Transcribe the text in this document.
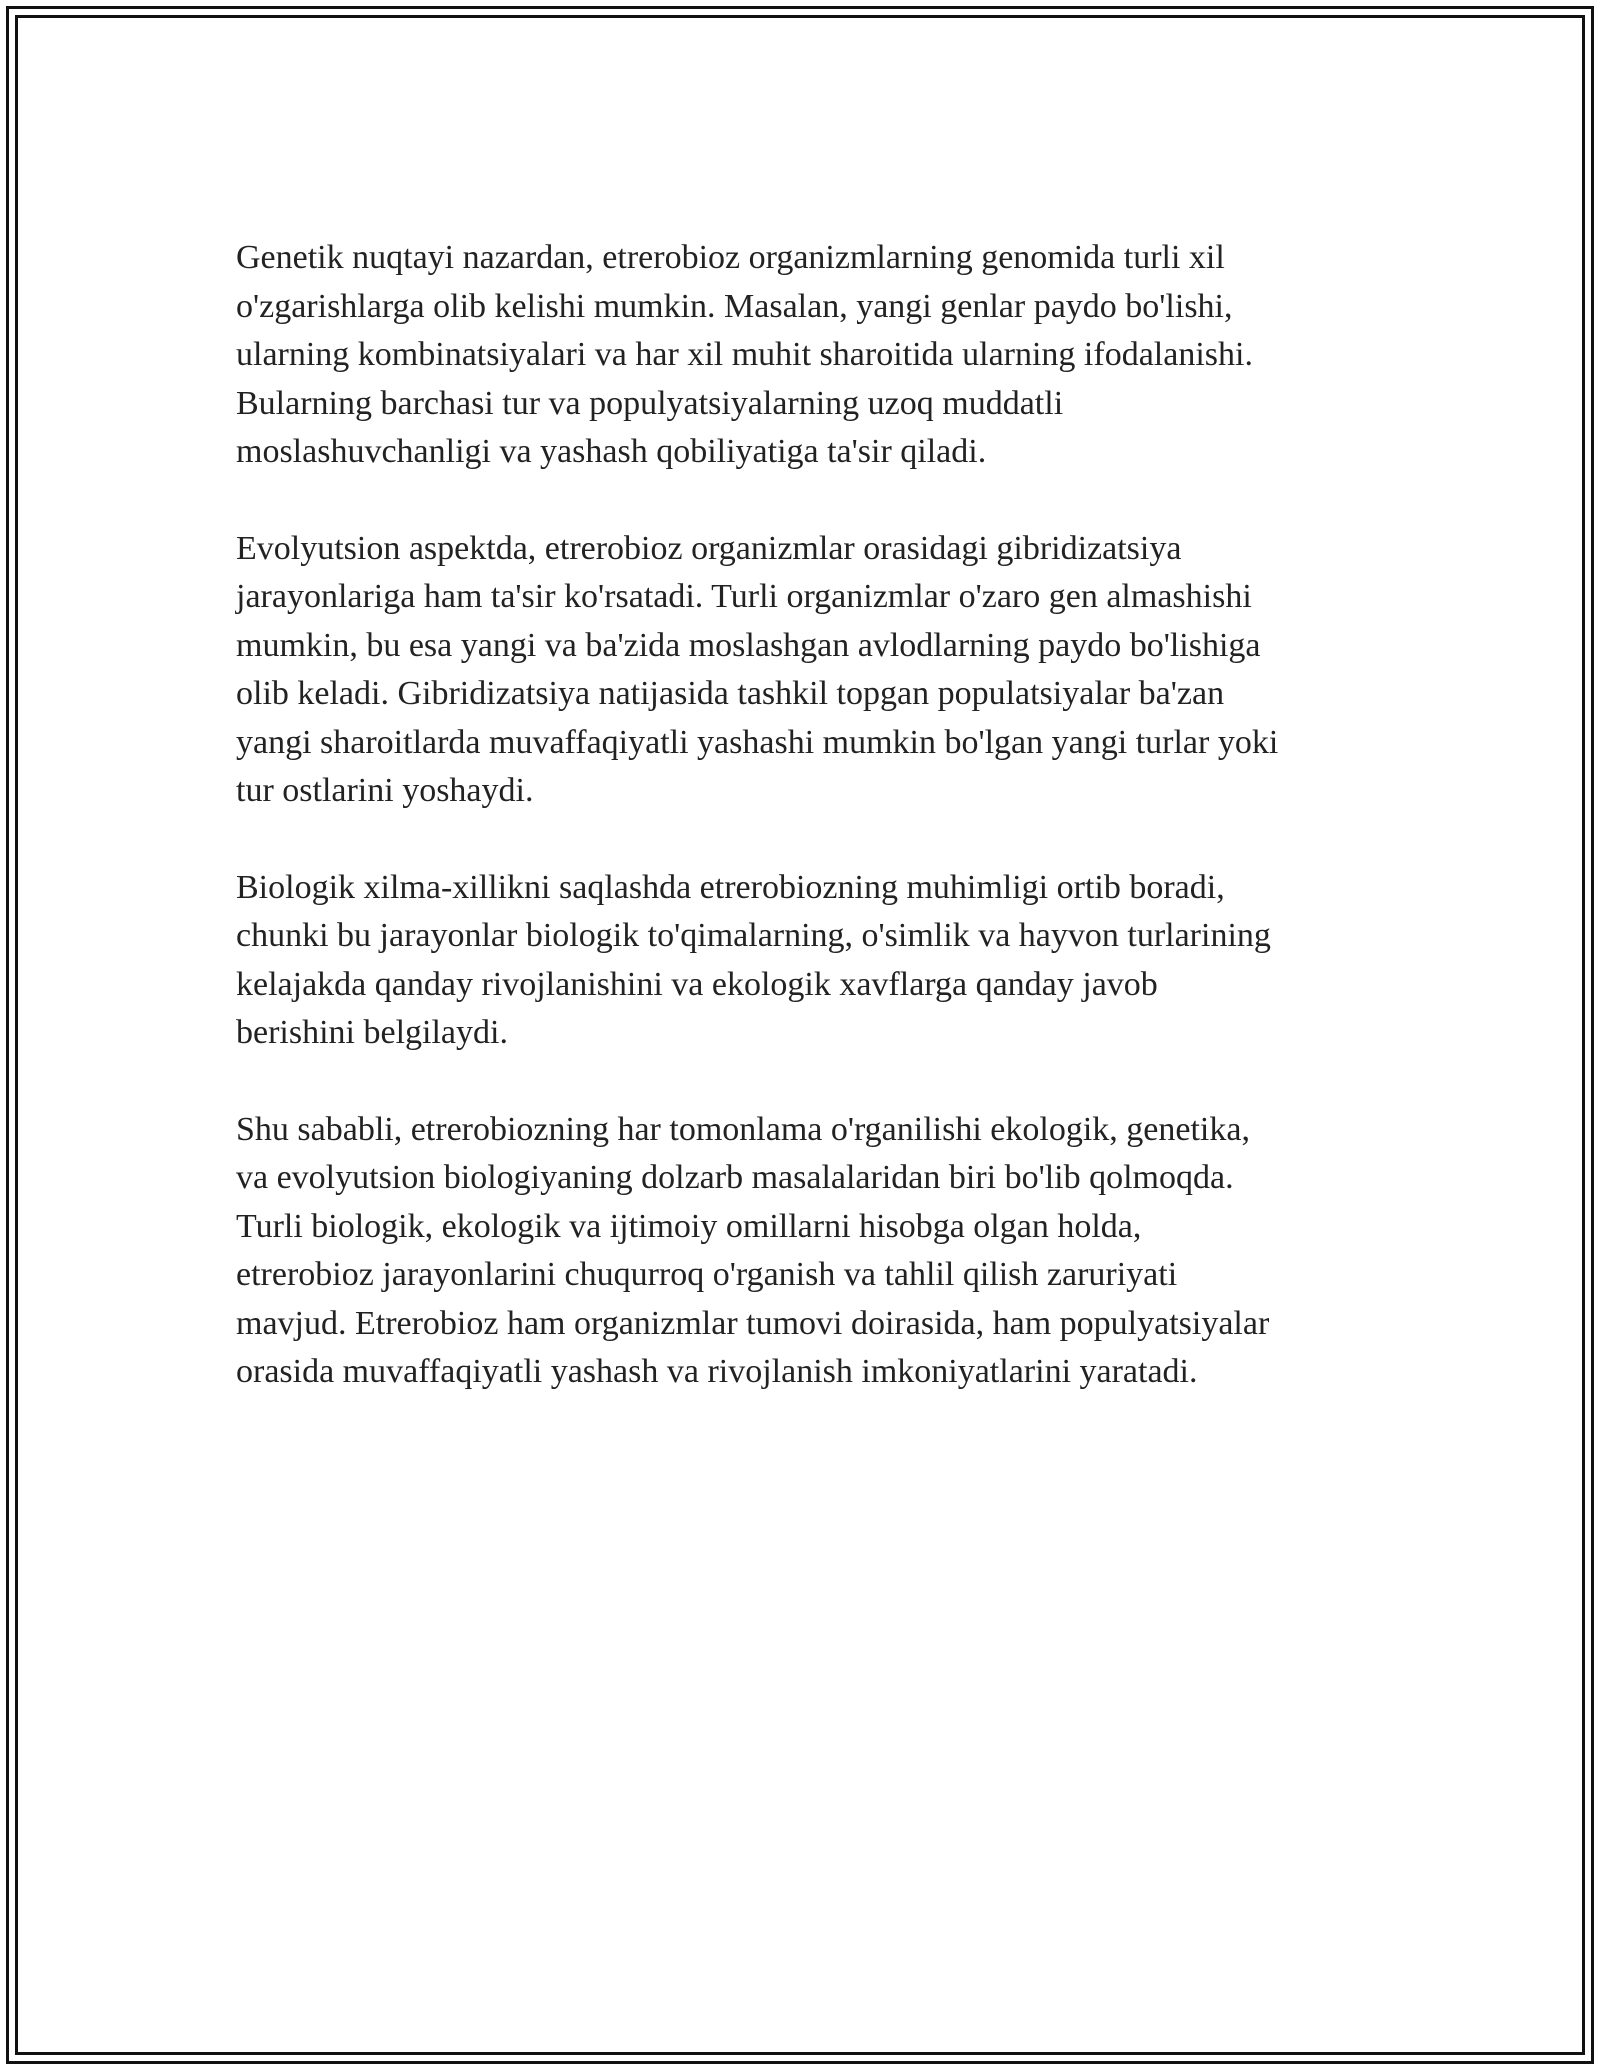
Genetik nuqtayi nazardan, etrerobioz organizmlarning genomida turli xil
o'zgarishlarga olib kelishi mumkin. Masalan, yangi genlar paydo bo'lishi,
ularning kombinatsiyalari va har xil muhit sharoitida ularning ifodalanishi.
Bularning barchasi tur va populyatsiyalarning uzoq muddatli
moslashuvchanligi va yashash qobiliyatiga ta'sir qiladi.

Evolyutsion aspektda, etrerobioz organizmlar orasidagi gibridizatsiya
jarayonlariga ham ta'sir ko'rsatadi. Turli organizmlar o'zaro gen almashishi
mumkin, bu esa yangi va ba'zida moslashgan avlodlarning paydo bo'lishiga
olib keladi. Gibridizatsiya natijasida tashkil topgan populatsiyalar ba'zan
yangi sharoitlarda muvaffaqiyatli yashashi mumkin bo'lgan yangi turlar yoki
tur ostlarini yoshaydi.

Biologik xilma-xillikni saqlashda etrerobiozning muhimligi ortib boradi,
chunki bu jarayonlar biologik to'qimalarning, o'simlik va hayvon turlarining
kelajakda qanday rivojlanishini va ekologik xavflarga qanday javob
berishini belgilaydi.

Shu sababli, etrerobiozning har tomonlama o'rganilishi ekologik, genetika,
va evolyutsion biologiyaning dolzarb masalalaridan biri bo'lib qolmoqda.
Turli biologik, ekologik va ijtimoiy omillarni hisobga olgan holda,
etrerobioz jarayonlarini chuqurroq o'rganish va tahlil qilish zaruriyati
mavjud. Etrerobioz ham organizmlar tumovi doirasida, ham populyatsiyalar
orasida muvaffaqiyatli yashash va rivojlanish imkoniyatlarini yaratadi.
